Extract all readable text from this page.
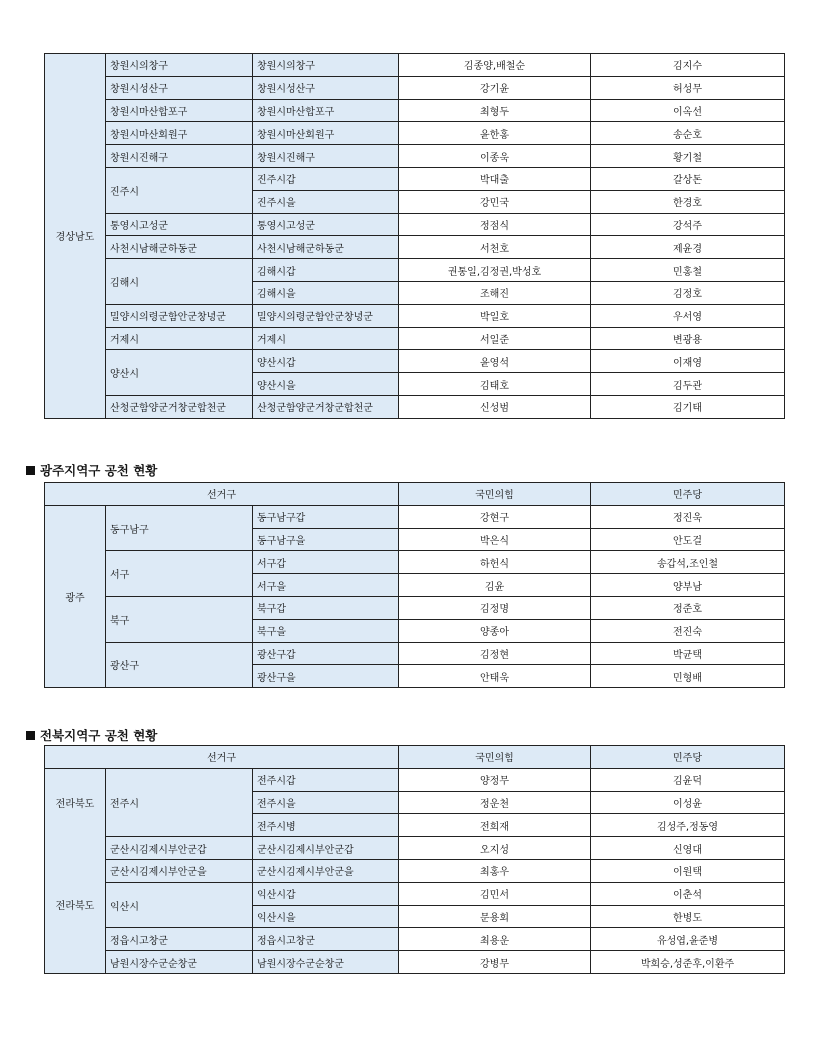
경상남도	창원시의창구	창원시의창구	김종양,배철순	김지수
	창원시성산구	창원시성산구	강기윤	허성무
	창원시마산합포구	창원시마산합포구	최형두	이옥선
	창원시마산회원구	창원시마산회원구	윤한홍	송순호
	창원시진해구	창원시진해구	이종욱	황기철
	진주시	진주시갑	박대출	갈상돈
		진주시을	강민국	한경호
	통영시고성군	통영시고성군	정점식	강석주
	사천시남해군하동군	사천시남해군하동군	서천호	제윤경
	김해시	김해시갑	권통일,김정권,박성호	민홍철
		김해시을	조해진	김정호
	밀양시의령군함안군창녕군	밀양시의령군함안군창녕군	박일호	우서영
	거제시	거제시	서일준	변광용
	양산시	양산시갑	윤영석	이재영
		양산시을	김태호	김두관
	산청군함양군거창군합천군	산청군함양군거창군합천군	신성범	김기태
광주지역구 공천 현황
선거구			국민의힘	민주당
광주	동구남구	동구남구갑	강현구	정진욱
		동구남구을	박은식	안도걸
	서구	서구갑	하헌식	송갑석,조인철
		서구을	김윤	양부남
	북구	북구갑	김정명	정준호
		북구을	양종아	전진숙
	광산구	광산구갑	김정현	박균택
		광산구을	안태욱	민형배
전북지역구 공천 현황
선거구			국민의힘	민주당
전라북도	전주시	전주시갑	양정무	김윤덕
		전주시을	정운천	이성윤
		전주시병	전희재	김성주,정동영
전라북도	군산시김제시부안군갑	군산시김제시부안군갑	오지성	신영대
	군산시김제시부안군을	군산시김제시부안군을	최홍우	이원택
	익산시	익산시갑	김민서	이춘석
		익산시을	문용회	한병도
	정읍시고창군	정읍시고창군	최용운	유성엽,윤준병
	남원시장수군순창군	남원시장수군순창군	강병무	박희승,성준후,이환주
